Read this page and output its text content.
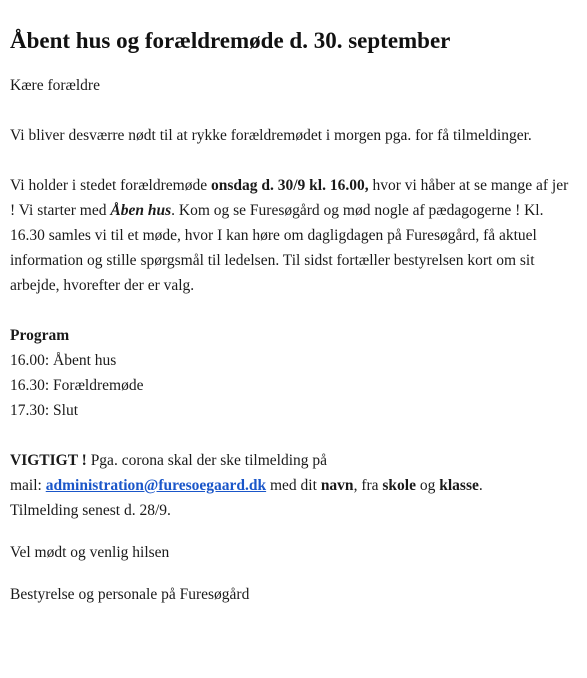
Åbent hus og forældremøde d. 30. september

Kære forældre

Vi bliver desværre nødt til at rykke forældremødet i morgen pga. for få tilmeldinger.

Vi holder i stedet forældremøde onsdag d. 30/9 kl. 16.00, hvor vi håber at se mange af jer ! Vi starter med Åben hus. Kom og se Furesøgård og mød nogle af pædagogerne ! Kl. 16.30 samles vi til et møde, hvor I kan høre om dagligdagen på Furesøgård, få aktuel information og stille spørgsmål til ledelsen. Til sidst fortæller bestyrelsen kort om sit arbejde, hvorefter der er valg.

Program

16.00: Åbent hus

16.30: Forældremøde

17.30: Slut

VIGTIGT ! Pga. corona skal der ske tilmelding på

mail: administration@furesoegaard.dk med dit navn, fra skole og klasse.

Tilmelding senest d. 28/9.

Vel mødt og venlig hilsen

Bestyrelse og personale på Furesøgård
